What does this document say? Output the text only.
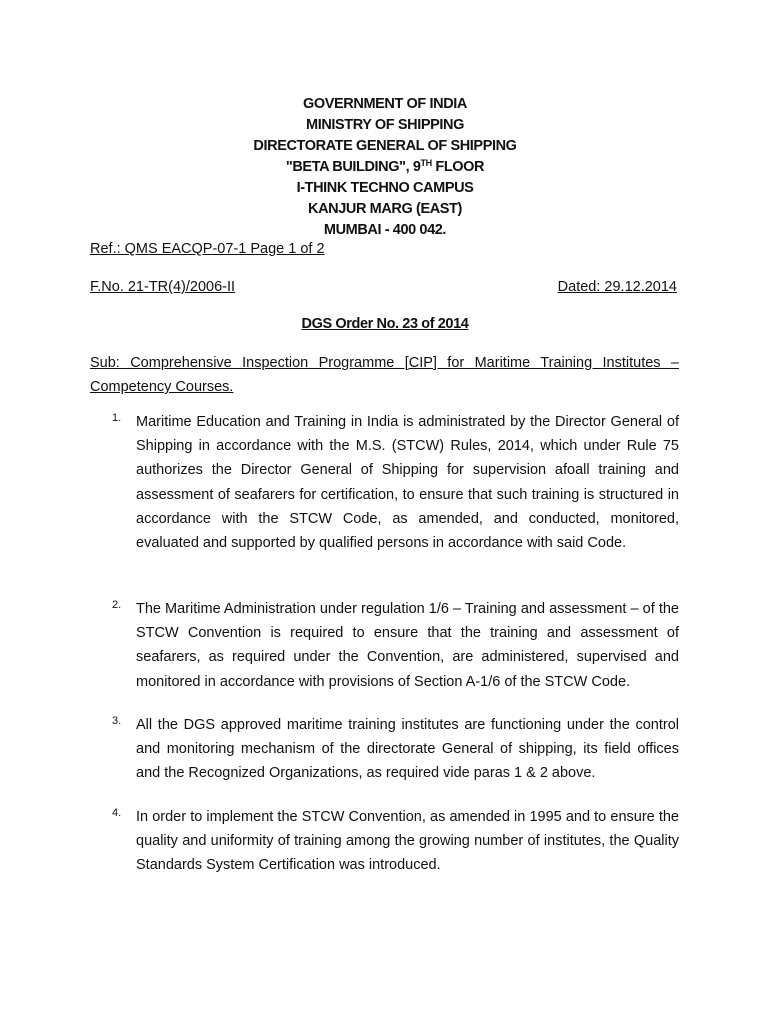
GOVERNMENT OF INDIA
MINISTRY OF SHIPPING
DIRECTORATE GENERAL OF SHIPPING
"BETA BUILDING", 9TH FLOOR
I-THINK TECHNO CAMPUS
KANJUR MARG (EAST)
MUMBAI - 400 042.
Ref.: QMS EACQP-07-1 Page 1 of 2
F.No. 21-TR(4)/2006-II	Dated: 29.12.2014
DGS Order No. 23 of 2014
Sub: Comprehensive Inspection Programme [CIP] for Maritime Training Institutes – Competency Courses.
1. Maritime Education and Training in India is administrated by the Director General of Shipping in accordance with the M.S. (STCW) Rules, 2014, which under Rule 75 authorizes the Director General of Shipping for supervision afoall training and assessment of seafarers for certification, to ensure that such training is structured in accordance with the STCW Code, as amended, and conducted, monitored, evaluated and supported by qualified persons in accordance with said Code.
2. The Maritime Administration under regulation 1/6 – Training and assessment – of the STCW Convention is required to ensure that the training and assessment of seafarers, as required under the Convention, are administered, supervised and monitored in accordance with provisions of Section A-1/6 of the STCW Code.
3. All the DGS approved maritime training institutes are functioning under the control and monitoring mechanism of the directorate General of shipping, its field offices and the Recognized Organizations, as required vide paras 1 & 2 above.
4. In order to implement the STCW Convention, as amended in 1995 and to ensure the quality and uniformity of training among the growing number of institutes, the Quality Standards System Certification was introduced.
